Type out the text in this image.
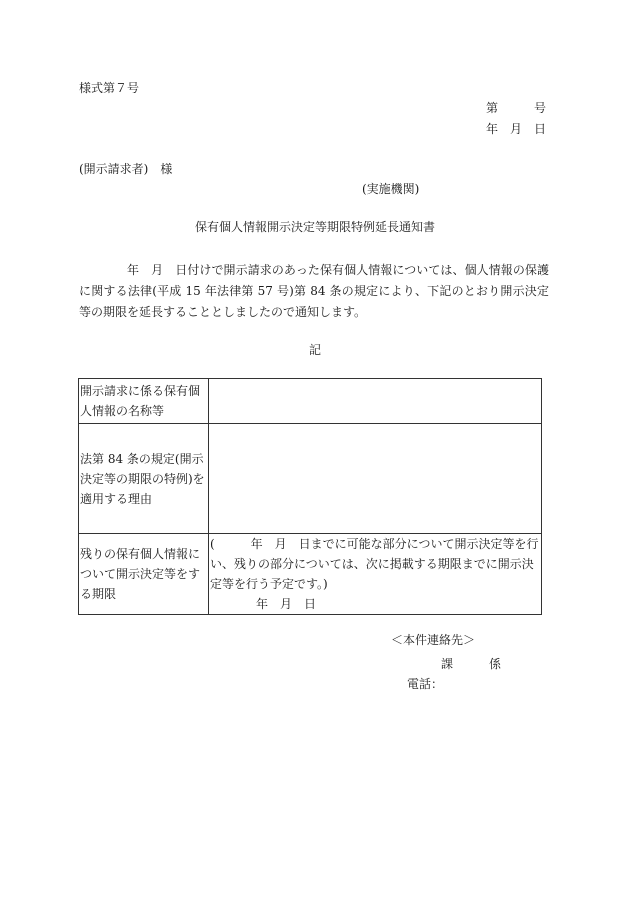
様式第７号
第　　　号
年　月　日
(開示請求者)　様
(実施機関)
保有個人情報開示決定等期限特例延長通知書
年　月　日付けで開示請求のあった保有個人情報については、個人情報の保護に関する法律(平成 15 年法律第 57 号)第 84 条の規定により、下記のとおり開示決定等の期限を延長することとしましたので通知します。
記
開示請求に係る保有個人情報の名称等	
法第 84 条の規定(開示決定等の期限の特例)を適用する理由	
残りの保有個人情報について開示決定等をする期限	(　　　年　月　日までに可能な部分について開示決定等を行い、残りの部分については、次に掲載する期限までに開示決定等を行う予定です。)
年　月　日
＜本件連絡先＞
課　　　係
電話：
